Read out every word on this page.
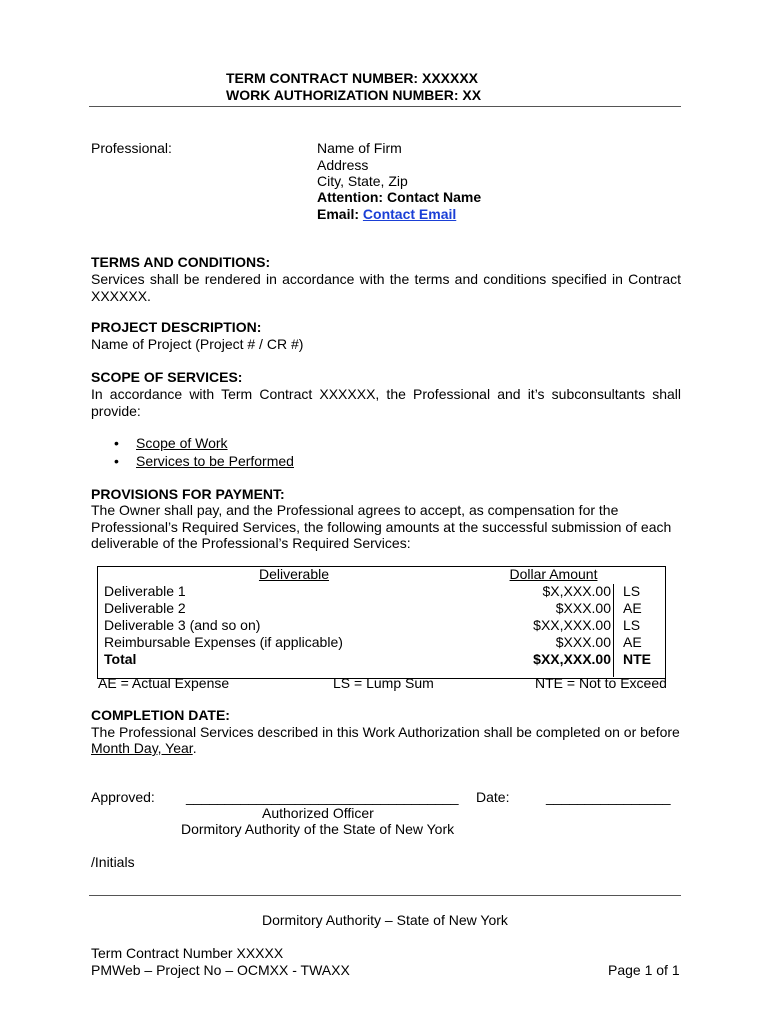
TERM CONTRACT NUMBER: XXXXXX
WORK AUTHORIZATION NUMBER: XX
Professional:	Name of Firm
Address
City, State, Zip
Attention: Contact Name
Email: Contact Email
TERMS AND CONDITIONS:
Services shall be rendered in accordance with the terms and conditions specified in Contract XXXXXX.
PROJECT DESCRIPTION:
Name of Project (Project # / CR #)
SCOPE OF SERVICES:
In accordance with Term Contract XXXXXX, the Professional and it’s subconsultants shall provide:
• Scope of Work
• Services to be Performed
PROVISIONS FOR PAYMENT:
The Owner shall pay, and the Professional agrees to accept, as compensation for the
Professional’s Required Services, the following amounts at the successful submission of each
deliverable of the Professional’s Required Services:
Deliverable	Dollar Amount	
Deliverable 1	$X,XXX.00	LS
Deliverable 2	$XXX.00	AE
Deliverable 3 (and so on)	$XX,XXX.00	LS
Reimbursable Expenses (if applicable)	$XXX.00	AE
Total	$XX,XXX.00	NTE
AE = Actual Expense	LS = Lump Sum	NTE = Not to Exceed
COMPLETION DATE:
The Professional Services described in this Work Authorization shall be completed on or before
Month Day, Year.
Approved: ___________________________________ Date:	________________
Authorized Officer
Dormitory Authority of the State of New York
/Initials
Dormitory Authority – State of New York
Term Contract Number XXXXX
PMWeb – Project No – OCMXX - TWAXX	Page 1 of 1
